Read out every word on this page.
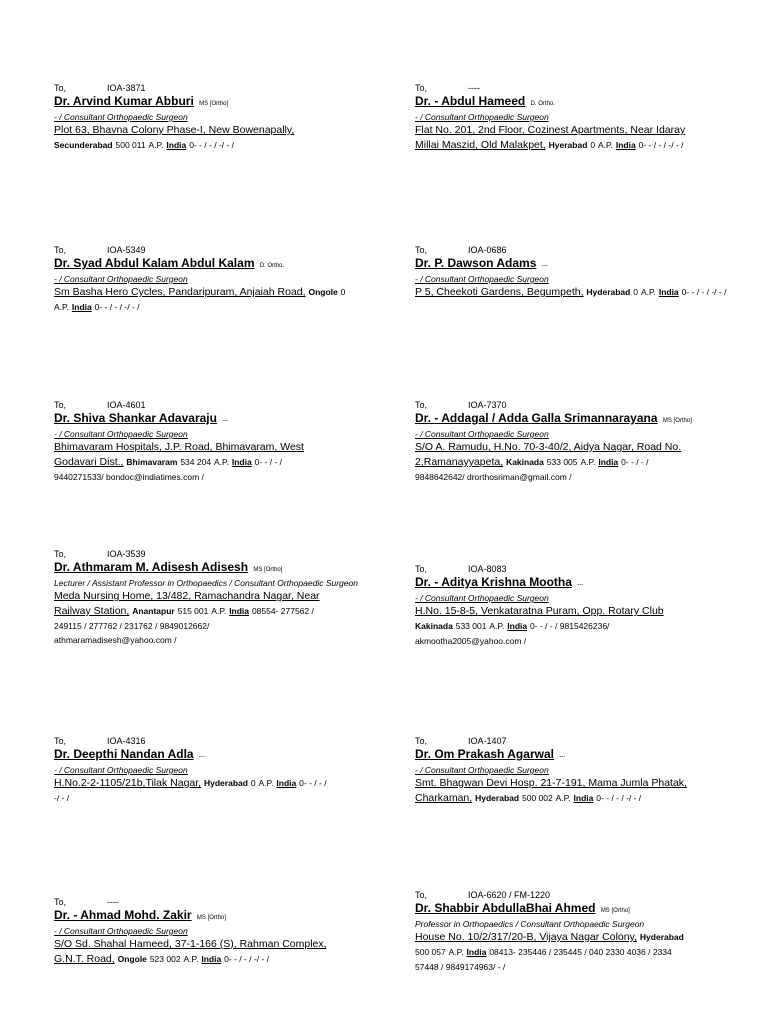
To,	IOA-3871
Dr. Arvind Kumar Abburi MS [Ortho]
- / Consultant Orthopaedic Surgeon
Plot 63, Bhavna Colony Phase-I, New Bowenapally,
Secunderabad 500 011 A.P. India 0- - / - / -/ - /
To,	----
Dr. - Abdul Hameed D. Ortho.
- / Consultant Orthopaedic Surgeon
Flat No. 201, 2nd Floor, Cozinest Apartments, Near Idaray
Millai Maszid, Old Malakpet, Hyerabad 0 A.P. India 0- - / - / -/ - /
To,	IOA-5349
Dr. Syad Abdul Kalam Abdul Kalam D. Ortho.
- / Consultant Orthopaedic Surgeon
Sm Basha Hero Cycles, Pandaripuram, Anjaiah Road, Ongole 0
A.P. India 0- - / - / -/ - /
To,	IOA-0686
Dr. P. Dawson Adams ---
- / Consultant Orthopaedic Surgeon
P 5, Cheekoti Gardens, Begumpeth, Hyderabad 0 A.P. India 0- - / - / -/ - /
To,	IOA-4601
Dr. Shiva Shankar Adavaraju ---
- / Consultant Orthopaedic Surgeon
Bhimavaram Hospitals, J.P. Road, Bhimavaram, West
Godavari Dist., Bhimavaram 534 204 A.P. India 0- - / - /
9440271533/ bondoc@indiatimes.com /
To,	IOA-7370
Dr. - Addagal / Adda Galla Srimannarayana MS [Ortho]
- / Consultant Orthopaedic Surgeon
S/O A. Ramudu, H.No. 70-3-40/2, Aidya Nagar, Road No.
2,Ramanayyapeta, Kakinada 533 005 A.P. India 0- - / - /
9848642642/ drorthosriman@gmail.com /
To,	IOA-3539
Dr. Athmaram M. Adisesh Adisesh MS [Ortho]
Lecturer / Assistant Professor in Orthopaedics / Consultant Orthopaedic Surgeon
Meda Nursing Home, 13/482, Ramachandra Nagar, Near
Railway Station, Anantapur 515 001 A.P. India 08554- 277562 /
249115 / 277762 / 231762 / 9849012662/
athmaramadisesh@yahoo.com /
To,	IOA-8083
Dr. - Aditya Krishna Mootha ---
- / Consultant Orthopaedic Surgeon
H.No. 15-8-5, Venkataratna Puram, Opp. Rotary Club
Kakinada 533 001 A.P. India 0- - / - / 9815426236/
akmootha2005@yahoo.com /
To,	IOA-4316
Dr. Deepthi Nandan Adla ---
- / Consultant Orthopaedic Surgeon
H.No.2-2-1105/21b,Tilak Nagar, Hyderabad 0 A.P. India 0- - / - /
-/ - /
To,	IOA-1407
Dr. Om Prakash Agarwal ---
- / Consultant Orthopaedic Surgeon
Smt. Bhagwan Devi Hosp. 21-7-191, Mama Jumla Phatak,
Charkaman, Hyderabad 500 002 A.P. India 0- - / - / -/ - /
To,	----
Dr. - Ahmad Mohd. Zakir MS [Ortho]
- / Consultant Orthopaedic Surgeon
S/O Sd. Shahal Hameed, 37-1-166 (S), Rahman Complex,
G.N.T. Road, Ongole 523 002 A.P. India 0- - / - / -/ - /
To,	IOA-6620 / FM-1220
Dr. Shabbir AbdullaBhai Ahmed MS [Ortho]
Professor in Orthopaedics / Consultant Orthopaedic Surgeon
House No. 10/2/317/20-B, Vijaya Nagar Colony, Hyderabad
500 057 A.P. India 08413- 235446 / 235445 / 040 2330 4036 / 2334
57448 / 9849174963/ - /
